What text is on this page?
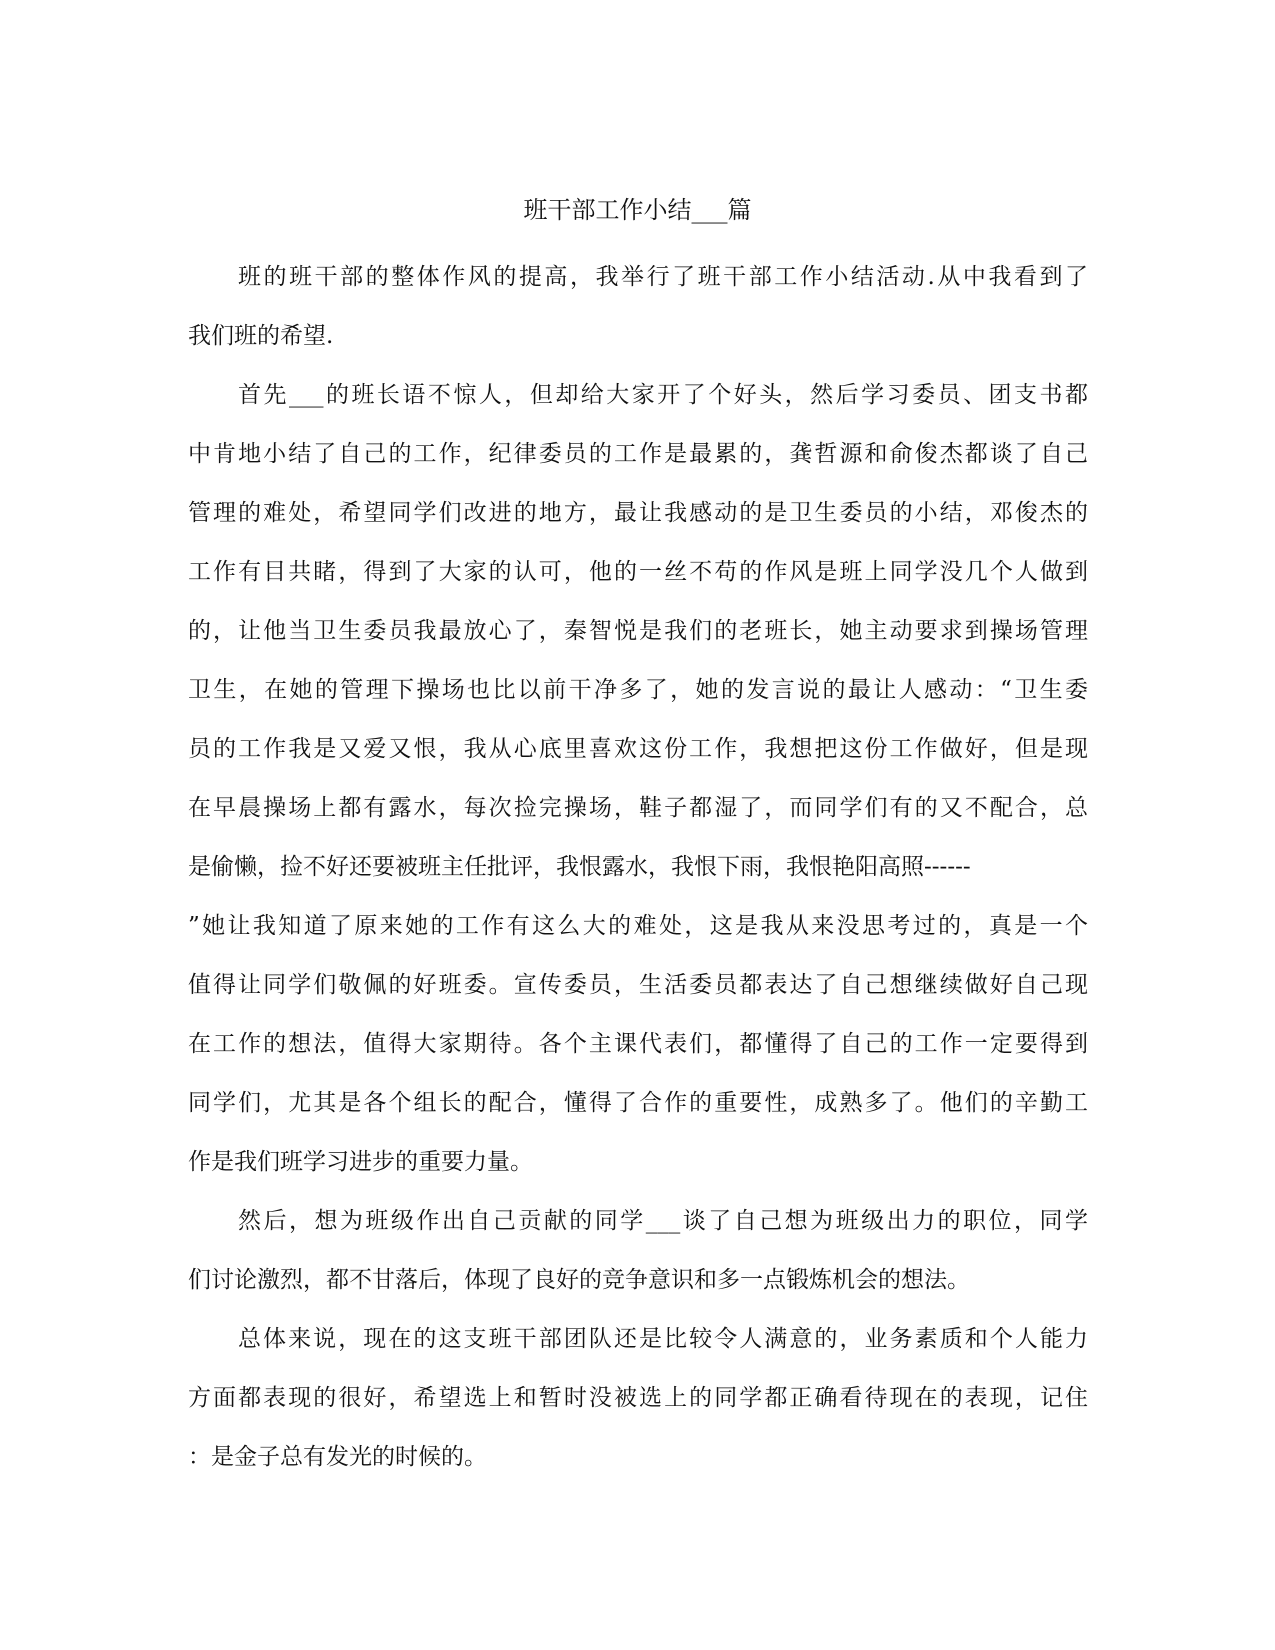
班干部工作小结___篇

班的班干部的整体作风的提高，我举行了班干部工作小结活动.从中我看到了
我们班的希望.

首先___的班长语不惊人，但却给大家开了个好头，然后学习委员、团支书都
中肯地小结了自己的工作，纪律委员的工作是最累的，龚哲源和俞俊杰都谈了自己
管理的难处，希望同学们改进的地方，最让我感动的是卫生委员的小结，邓俊杰的
工作有目共睹，得到了大家的认可，他的一丝不苟的作风是班上同学没几个人做到
的，让他当卫生委员我最放心了，秦智悦是我们的老班长，她主动要求到操场管理
卫生，在她的管理下操场也比以前干净多了，她的发言说的最让人感动：“卫生委
员的工作我是又爱又恨，我从心底里喜欢这份工作，我想把这份工作做好，但是现
在早晨操场上都有露水，每次捡完操场，鞋子都湿了，而同学们有的又不配合，总
是偷懒，捡不好还要被班主任批评，我恨露水，我恨下雨，我恨艳阳高照------
”她让我知道了原来她的工作有这么大的难处，这是我从来没思考过的，真是一个
值得让同学们敬佩的好班委。宣传委员，生活委员都表达了自己想继续做好自己现
在工作的想法，值得大家期待。各个主课代表们，都懂得了自己的工作一定要得到
同学们，尤其是各个组长的配合，懂得了合作的重要性，成熟多了。他们的辛勤工
作是我们班学习进步的重要力量。

然后，想为班级作出自己贡献的同学___谈了自己想为班级出力的职位，同学
们讨论激烈，都不甘落后，体现了良好的竞争意识和多一点锻炼机会的想法。

总体来说，现在的这支班干部团队还是比较令人满意的，业务素质和个人能力
方面都表现的很好，希望选上和暂时没被选上的同学都正确看待现在的表现，记住
：是金子总有发光的时候的。
